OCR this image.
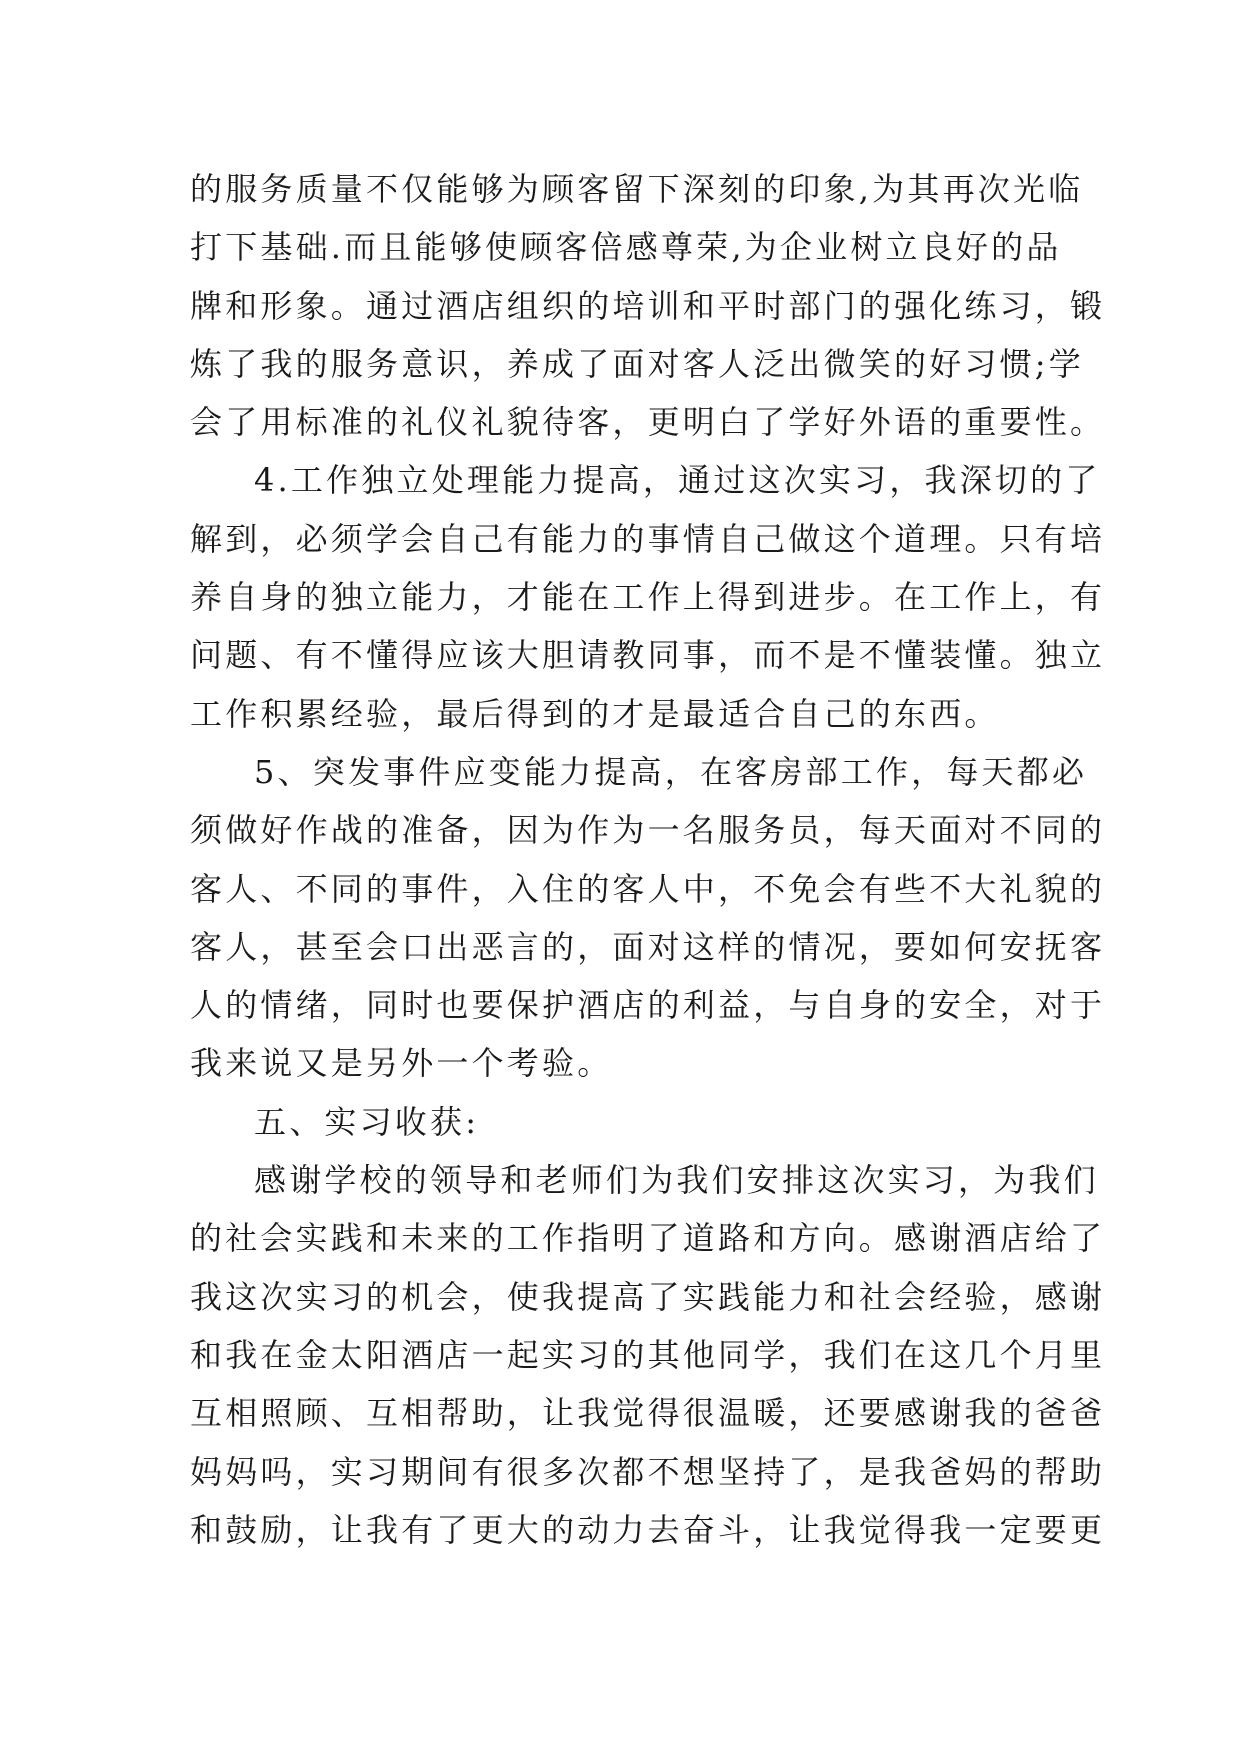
的服务质量不仅能够为顾客留下深刻的印象,为其再次光临
打下基础.而且能够使顾客倍感尊荣,为企业树立良好的品
牌和形象。通过酒店组织的培训和平时部门的强化练习，锻
炼了我的服务意识，养成了面对客人泛出微笑的好习惯;学
会了用标准的礼仪礼貌待客，更明白了学好外语的重要性。
4.工作独立处理能力提高，通过这次实习，我深切的了
解到，必须学会自己有能力的事情自己做这个道理。只有培
养自身的独立能力，才能在工作上得到进步。在工作上，有
问题、有不懂得应该大胆请教同事，而不是不懂装懂。独立
工作积累经验，最后得到的才是最适合自己的东西。
5、突发事件应变能力提高，在客房部工作，每天都必
须做好作战的准备，因为作为一名服务员，每天面对不同的
客人、不同的事件，入住的客人中，不免会有些不大礼貌的
客人，甚至会口出恶言的，面对这样的情况，要如何安抚客
人的情绪，同时也要保护酒店的利益，与自身的安全，对于
我来说又是另外一个考验。
五、实习收获:
感谢学校的领导和老师们为我们安排这次实习，为我们
的社会实践和未来的工作指明了道路和方向。感谢酒店给了
我这次实习的机会，使我提高了实践能力和社会经验，感谢
和我在金太阳酒店一起实习的其他同学，我们在这几个月里
互相照顾、互相帮助，让我觉得很温暖，还要感谢我的爸爸
妈妈吗，实习期间有很多次都不想坚持了，是我爸妈的帮助
和鼓励，让我有了更大的动力去奋斗，让我觉得我一定要更
